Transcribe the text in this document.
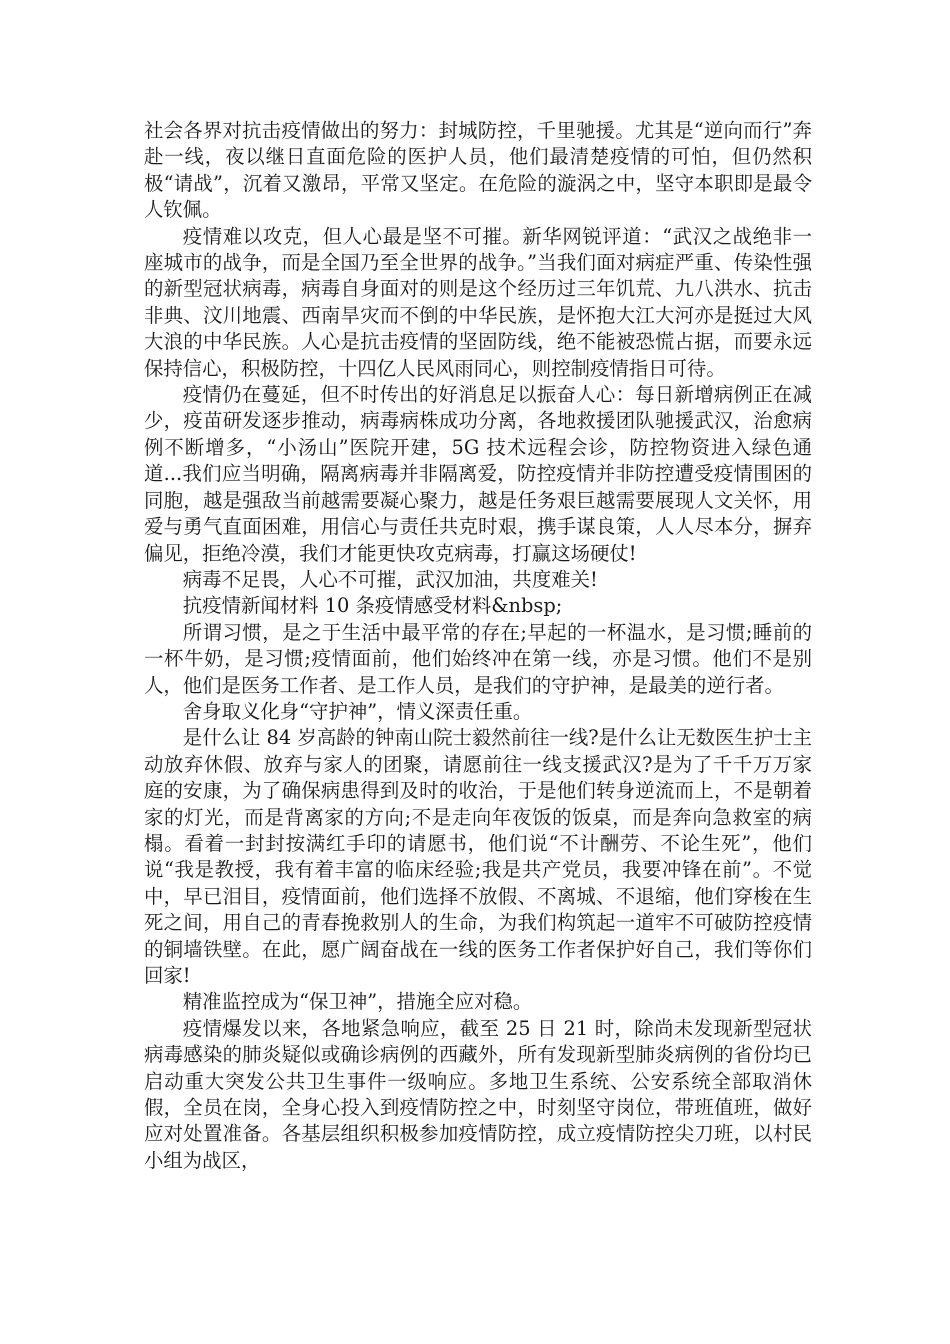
社会各界对抗击疫情做出的努力：封城防控，千里驰援。尤其是“逆向而行”奔赴一线，夜以继日直面危险的医护人员，他们最清楚疫情的可怕，但仍然积极“请战”，沉着又激昂，平常又坚定。在危险的漩涡之中，坚守本职即是最令人钦佩。

疫情难以攻克，但人心最是坚不可摧。新华网锐评道：“武汉之战绝非一座城市的战争，而是全国乃至全世界的战争。”当我们面对病症严重、传染性强的新型冠状病毒，病毒自身面对的则是这个经历过三年饥荒、九八洪水、抗击非典、汶川地震、西南旱灾而不倒的中华民族，是怀抱大江大河亦是挺过大风大浪的中华民族。人心是抗击疫情的坚固防线，绝不能被恐慌占据，而要永远保持信心，积极防控，十四亿人民风雨同心，则控制疫情指日可待。

疫情仍在蔓延，但不时传出的好消息足以振奋人心：每日新增病例正在减少，疫苗研发逐步推动，病毒病株成功分离，各地救援团队驰援武汉，治愈病例不断增多，“小汤山”医院开建，5G 技术远程会诊，防控物资进入绿色通道...我们应当明确，隔离病毒并非隔离爱，防控疫情并非防控遭受疫情围困的同胞，越是强敌当前越需要凝心聚力，越是任务艰巨越需要展现人文关怀，用爱与勇气直面困难，用信心与责任共克时艰，携手谋良策，人人尽本分，摒弃偏见，拒绝冷漠，我们才能更快攻克病毒，打赢这场硬仗!

病毒不足畏，人心不可摧，武汉加油，共度难关!

抗疫情新闻材料 10 条疫情感受材料&nbsp;

所谓习惯，是之于生活中最平常的存在;早起的一杯温水，是习惯;睡前的一杯牛奶，是习惯;疫情面前，他们始终冲在第一线，亦是习惯。他们不是别人，他们是医务工作者、是工作人员，是我们的守护神，是最美的逆行者。

舍身取义化身“守护神”，情义深责任重。

是什么让 84 岁高龄的钟南山院士毅然前往一线?是什么让无数医生护士主动放弃休假、放弃与家人的团聚，请愿前往一线支援武汉?是为了千千万万家庭的安康，为了确保病患得到及时的收治，于是他们转身逆流而上，不是朝着家的灯光，而是背离家的方向;不是走向年夜饭的饭桌，而是奔向急救室的病榻。看着一封封按满红手印的请愿书，他们说“不计酬劳、不论生死”，他们说“我是教授，我有着丰富的临床经验;我是共产党员，我要冲锋在前”。不觉中，早已泪目，疫情面前，他们选择不放假、不离城、不退缩，他们穿梭在生死之间，用自己的青春挽救别人的生命，为我们构筑起一道牢不可破防控疫情的铜墙铁壁。在此，愿广阔奋战在一线的医务工作者保护好自己，我们等你们回家!

精准监控成为“保卫神”，措施全应对稳。

疫情爆发以来，各地紧急响应，截至 25 日 21 时，除尚未发现新型冠状病毒感染的肺炎疑似或确诊病例的西藏外，所有发现新型肺炎病例的省份均已启动重大突发公共卫生事件一级响应。多地卫生系统、公安系统全部取消休假，全员在岗，全身心投入到疫情防控之中，时刻坚守岗位，带班值班，做好应对处置准备。各基层组织积极参加疫情防控，成立疫情防控尖刀班，以村民小组为战区，
